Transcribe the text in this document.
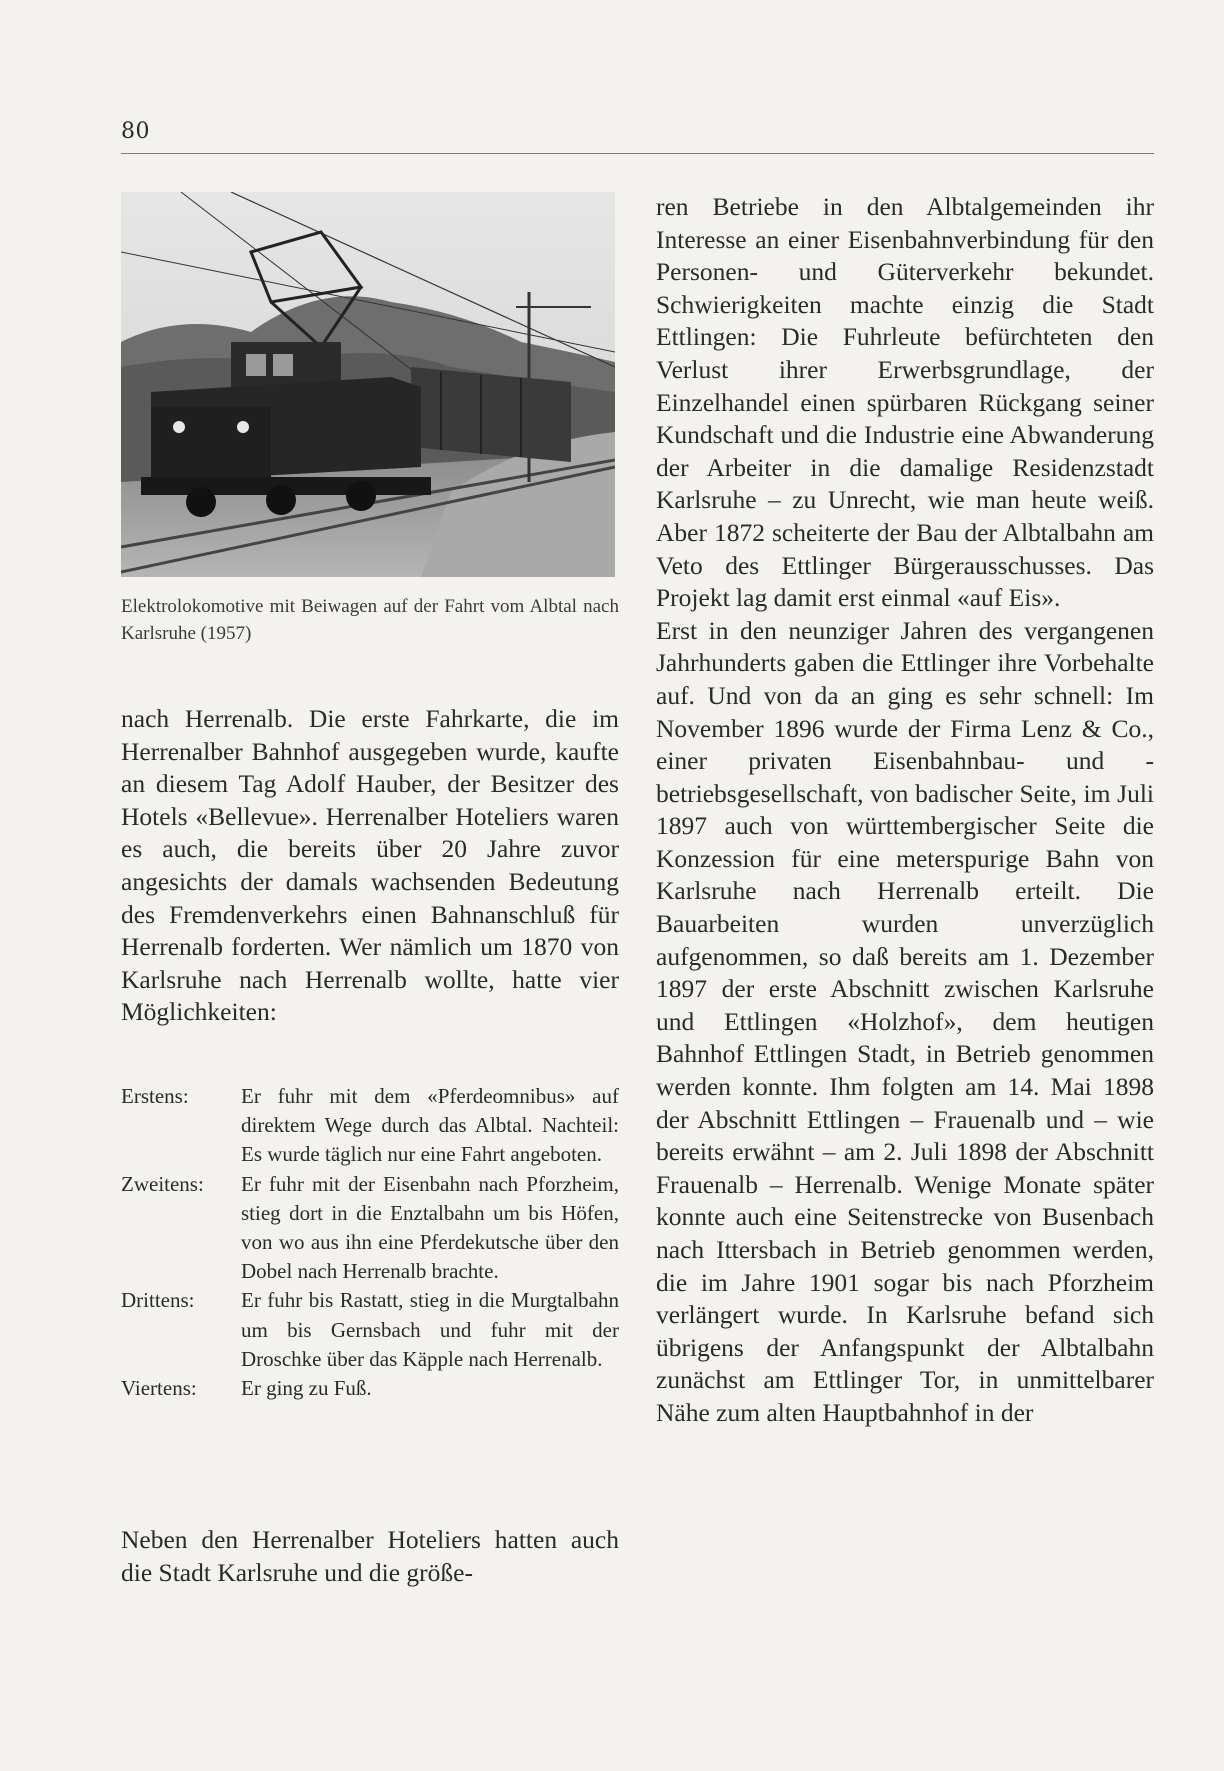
80
Elektrolokomotive mit Beiwagen auf der Fahrt vom Albtal nach Karlsruhe (1957)

nach Herrenalb. Die erste Fahrkarte, die im Herrenalber Bahnhof ausgegeben wurde, kaufte an diesem Tag Adolf Hauber, der Besitzer des Hotels «Bellevue». Herrenalber Hoteliers waren es auch, die bereits über 20 Jahre zuvor angesichts der damals wachsenden Bedeutung des Fremdenverkehrs einen Bahnanschluß für Herrenalb forderten. Wer nämlich um 1870 von Karlsruhe nach Herrenalb wollte, hatte vier Möglichkeiten:

Erstens:	Er fuhr mit dem «Pferdeomnibus» auf direktem Wege durch das Albtal. Nachteil: Es wurde täglich nur eine Fahrt angeboten.
Zweitens:	Er fuhr mit der Eisenbahn nach Pforzheim, stieg dort in die Enztalbahn um bis Höfen, von wo aus ihn eine Pferdekutsche über den Dobel nach Herrenalb brachte.
Drittens:	Er fuhr bis Rastatt, stieg in die Murgtalbahn um bis Gernsbach und fuhr mit der Droschke über das Käpple nach Herrenalb.
Viertens:	Er ging zu Fuß.

Neben den Herrenalber Hoteliers hatten auch die Stadt Karlsruhe und die größe-

ren Betriebe in den Albtalgemeinden ihr Interesse an einer Eisenbahnverbindung für den Personen- und Güterverkehr bekundet. Schwierigkeiten machte einzig die Stadt Ettlingen: Die Fuhrleute befürchteten den Verlust ihrer Erwerbsgrundlage, der Einzelhandel einen spürbaren Rückgang seiner Kundschaft und die Industrie eine Abwanderung der Arbeiter in die damalige Residenzstadt Karlsruhe – zu Unrecht, wie man heute weiß. Aber 1872 scheiterte der Bau der Albtalbahn am Veto des Ettlinger Bürgerausschusses. Das Projekt lag damit erst einmal «auf Eis».

Erst in den neunziger Jahren des vergangenen Jahrhunderts gaben die Ettlinger ihre Vorbehalte auf. Und von da an ging es sehr schnell: Im November 1896 wurde der Firma Lenz & Co., einer privaten Eisenbahnbau- und -betriebsgesellschaft, von badischer Seite, im Juli 1897 auch von württembergischer Seite die Konzession für eine meterspurige Bahn von Karlsruhe nach Herrenalb erteilt. Die Bauarbeiten wurden unverzüglich aufgenommen, so daß bereits am 1. Dezember 1897 der erste Abschnitt zwischen Karlsruhe und Ettlingen «Holzhof», dem heutigen Bahnhof Ettlingen Stadt, in Betrieb genommen werden konnte. Ihm folgten am 14. Mai 1898 der Abschnitt Ettlingen – Frauenalb und – wie bereits erwähnt – am 2. Juli 1898 der Abschnitt Frauenalb – Herrenalb. Wenige Monate später konnte auch eine Seitenstrecke von Busenbach nach Ittersbach in Betrieb genommen werden, die im Jahre 1901 sogar bis nach Pforzheim verlängert wurde. In Karlsruhe befand sich übrigens der Anfangspunkt der Albtalbahn zunächst am Ettlinger Tor, in unmittelbarer Nähe zum alten Hauptbahnhof in der
